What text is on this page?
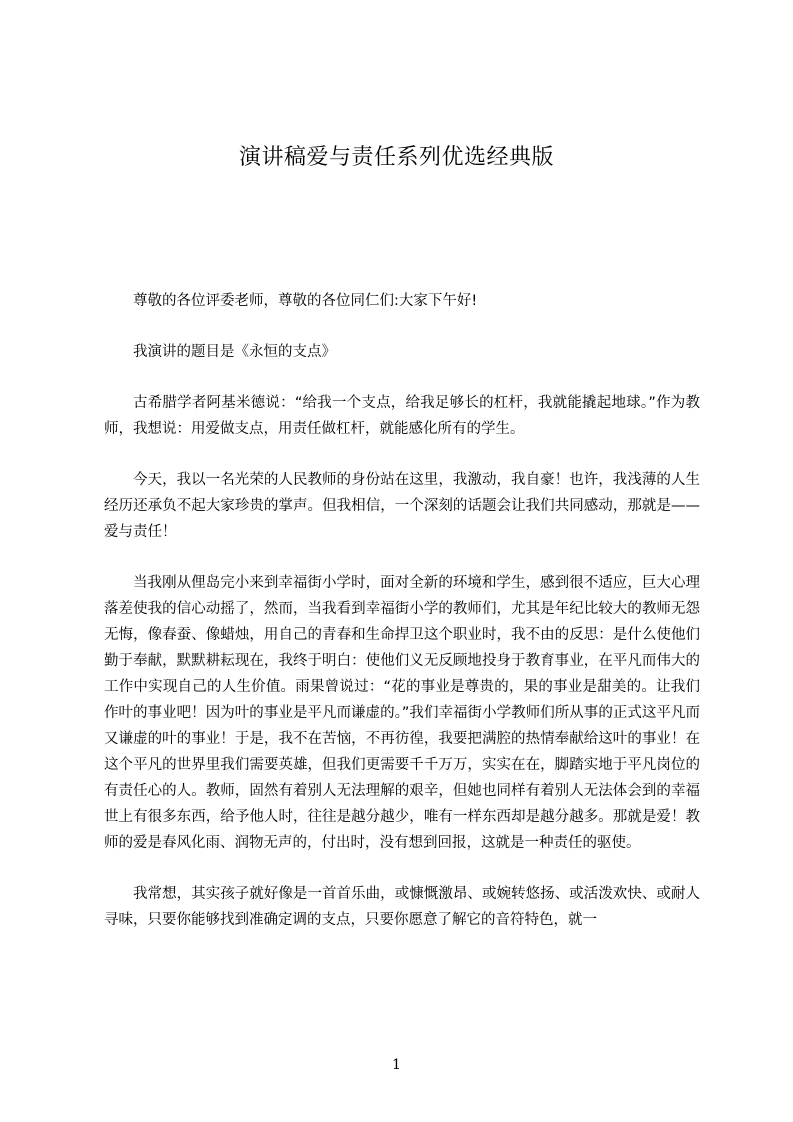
演讲稿爱与责任系列优选经典版

尊敬的各位评委老师，尊敬的各位同仁们:大家下午好!

我演讲的题目是《永恒的支点》

古希腊学者阿基米德说：“给我一个支点，给我足够长的杠杆，我就能撬起地球。”作为教师，我想说：用爱做支点，用责任做杠杆，就能感化所有的学生。

今天，我以一名光荣的人民教师的身份站在这里，我激动，我自豪！也许，我浅薄的人生经历还承负不起大家珍贵的掌声。但我相信，一个深刻的话题会让我们共同感动，那就是——爱与责任！

当我刚从俚岛完小来到幸福街小学时，面对全新的环境和学生，感到很不适应，巨大心理落差使我的信心动摇了，然而，当我看到幸福街小学的教师们，尤其是年纪比较大的教师无怨无悔，像春蚕、像蜡烛，用自己的青春和生命捍卫这个职业时，我不由的反思：是什么使他们勤于奉献，默默耕耘现在，我终于明白：使他们义无反顾地投身于教育事业，在平凡而伟大的工作中实现自己的人生价值。雨果曾说过：“花的事业是尊贵的，果的事业是甜美的。让我们作叶的事业吧！因为叶的事业是平凡而谦虚的。”我们幸福街小学教师们所从事的正式这平凡而又谦虚的叶的事业！于是，我不在苦恼，不再彷徨，我要把满腔的热情奉献给这叶的事业！在这个平凡的世界里我们需要英雄，但我们更需要千千万万，实实在在，脚踏实地于平凡岗位的有责任心的人。教师，固然有着别人无法理解的艰辛，但她也同样有着别人无法体会到的幸福世上有很多东西，给予他人时，往往是越分越少，唯有一样东西却是越分越多。那就是爱！教师的爱是春风化雨、润物无声的，付出时，没有想到回报，这就是一种责任的驱使。

我常想，其实孩子就好像是一首首乐曲，或慷慨激昂、或婉转悠扬、或活泼欢快、或耐人寻味，只要你能够找到准确定调的支点，只要你愿意了解它的音符特色，就一

1
